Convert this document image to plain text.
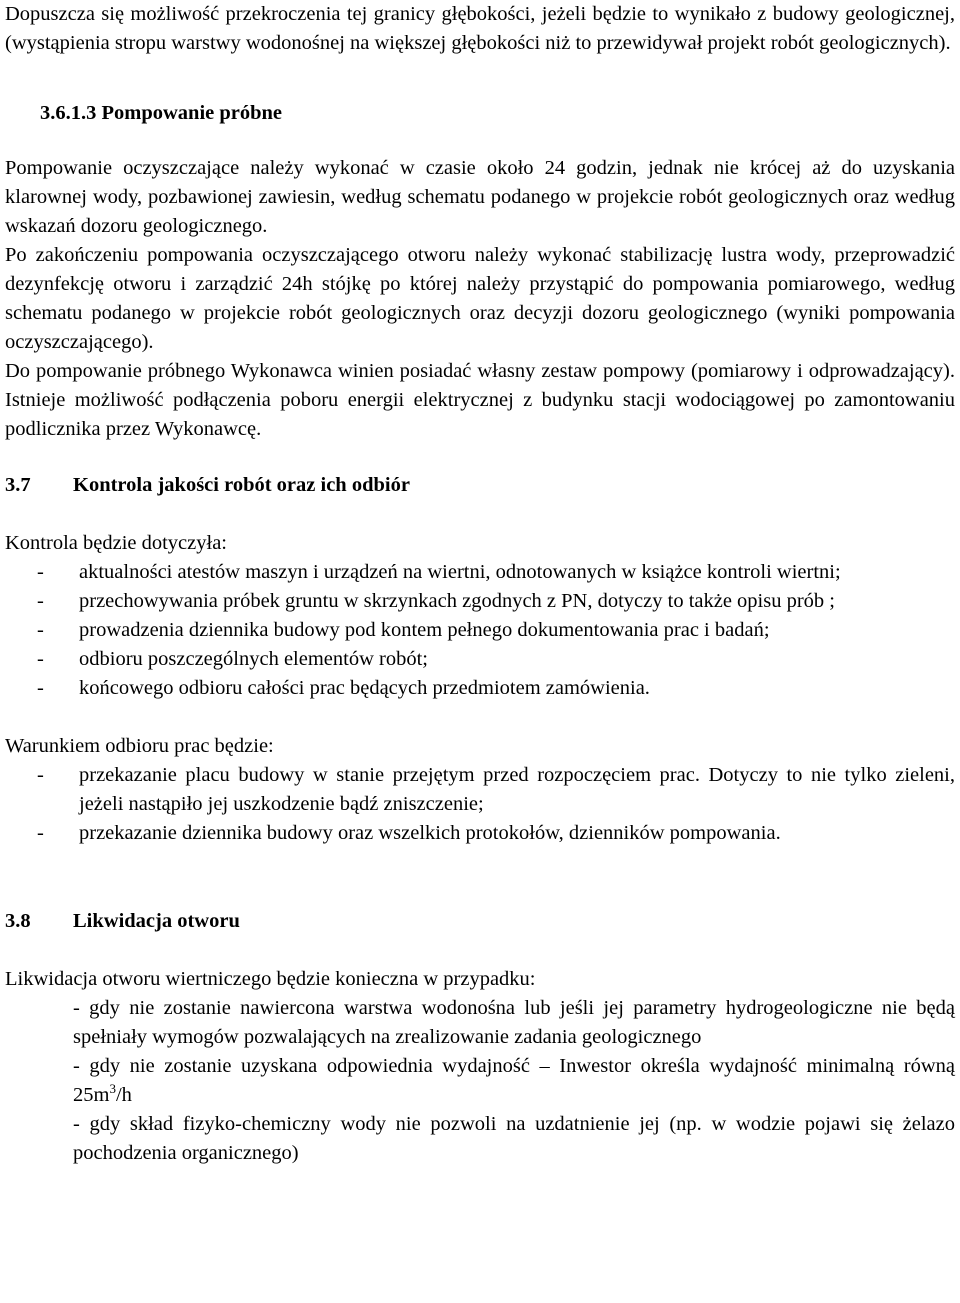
Dopuszcza się możliwość przekroczenia tej granicy głębokości, jeżeli będzie to wynikało z budowy geologicznej, (wystąpienia stropu warstwy wodonośnej na większej głębokości niż to przewidywał projekt robót geologicznych).

3.6.1.3 Pompowanie próbne

Pompowanie oczyszczające należy wykonać w czasie około 24 godzin, jednak nie krócej aż do uzyskania klarownej wody, pozbawionej zawiesin, według schematu podanego w projekcie robót geologicznych oraz według wskazań dozoru geologicznego.

Po zakończeniu pompowania oczyszczającego otworu należy wykonać stabilizację lustra wody, przeprowadzić dezynfekcję otworu i zarządzić 24h stójkę po której należy przystąpić do pompowania pomiarowego, według schematu podanego w projekcie robót geologicznych oraz decyzji dozoru geologicznego (wyniki pompowania oczyszczającego).

Do pompowanie próbnego Wykonawca winien posiadać własny zestaw pompowy (pomiarowy i odprowadzający). Istnieje możliwość podłączenia poboru energii elektrycznej z budynku stacji wodociągowej po zamontowaniu podlicznika przez Wykonawcę.

3.7 Kontrola jakości robót oraz ich odbiór

Kontrola będzie dotyczyła:

- aktualności atestów maszyn i urządzeń na wiertni, odnotowanych w książce kontroli wiertni;
- przechowywania próbek gruntu w skrzynkach zgodnych z PN, dotyczy to także opisu prób ;
- prowadzenia dziennika budowy pod kontem pełnego dokumentowania prac i badań;
- odbioru poszczególnych elementów robót;
- końcowego odbioru całości prac będących przedmiotem zamówienia.

Warunkiem odbioru prac będzie:

- przekazanie placu budowy w stanie przejętym przed rozpoczęciem prac. Dotyczy to nie tylko zieleni, jeżeli nastąpiło jej uszkodzenie bądź zniszczenie;
- przekazanie dziennika budowy oraz wszelkich protokołów, dzienników pompowania.
3.8 Likwidacja otworu

Likwidacja otworu wiertniczego będzie konieczna w przypadku:

- gdy nie zostanie nawiercona warstwa wodonośna lub jeśli jej parametry hydrogeologiczne nie będą spełniały wymogów pozwalających na zrealizowanie zadania geologicznego

- gdy nie zostanie uzyskana odpowiednia wydajność – Inwestor określa wydajność minimalną równą $25m^3/h$

- gdy skład fizyko-chemiczny wody nie pozwoli na uzdatnienie jej (np. w wodzie pojawi się żelazo pochodzenia organicznego)
